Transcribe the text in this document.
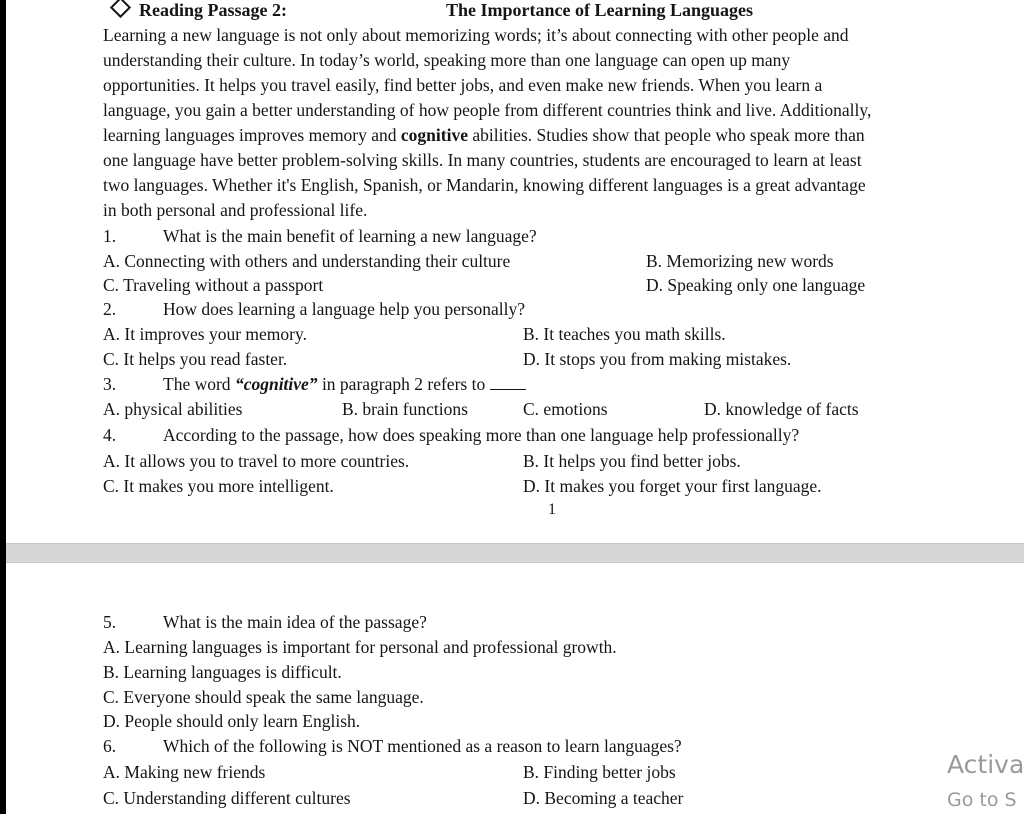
Reading Passage 2:	The Importance of Learning Languages
Learning a new language is not only about memorizing words; it’s about connecting with other people and
understanding their culture. In today’s world, speaking more than one language can open up many
opportunities. It helps you travel easily, find better jobs, and even make new friends. When you learn a
language, you gain a better understanding of how people from different countries think and live. Additionally,
learning languages improves memory and cognitive abilities. Studies show that people who speak more than
one language have better problem-solving skills. In many countries, students are encouraged to learn at least
two languages. Whether it's English, Spanish, or Mandarin, knowing different languages is a great advantage
in both personal and professional life.
1.	What is the main benefit of learning a new language?
A. Connecting with others and understanding their culture	B. Memorizing new words
C. Traveling without a passport	D. Speaking only one language
2.	How does learning a language help you personally?
A. It improves your memory.	B. It teaches you math skills.
C. It helps you read faster.	D. It stops you from making mistakes.
3.	The word “cognitive” in paragraph 2 refers to
A. physical abilities	B. brain functions	C. emotions	D. knowledge of facts
4.	According to the passage, how does speaking more than one language help professionally?
A. It allows you to travel to more countries.	B. It helps you find better jobs.
C. It makes you more intelligent.	D. It makes you forget your first language.
1
5.	What is the main idea of the passage?
A. Learning languages is important for personal and professional growth.
B. Learning languages is difficult.
C. Everyone should speak the same language.
D. People should only learn English.
6.	Which of the following is NOT mentioned as a reason to learn languages?
A. Making new friends	B. Finding better jobs
C. Understanding different cultures	D. Becoming a teacher
Activa
Go to S
